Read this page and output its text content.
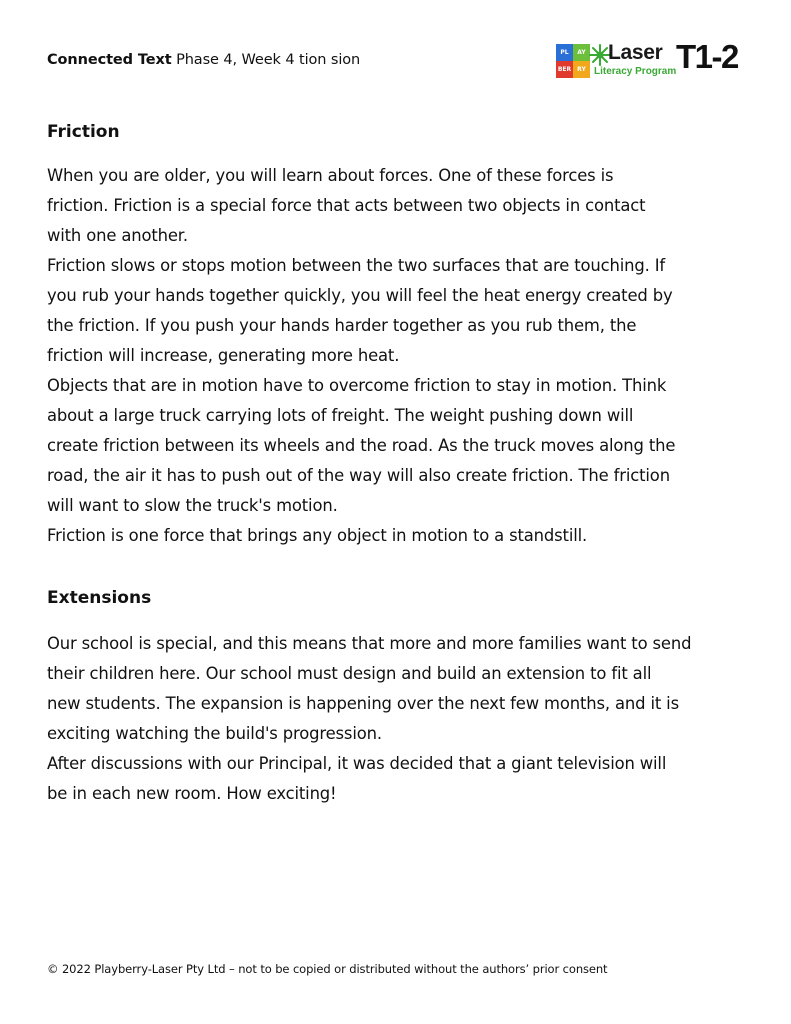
Connected Text Phase 4, Week 4 tion sion	PL	AY
BER	RY
Laser
Literacy Program T1-2
Friction
When you are older, you will learn about forces. One of these forces is
friction. Friction is a special force that acts between two objects in contact
with one another.
Friction slows or stops motion between the two surfaces that are touching. If
you rub your hands together quickly, you will feel the heat energy created by
the friction. If you push your hands harder together as you rub them, the
friction will increase, generating more heat.
Objects that are in motion have to overcome friction to stay in motion. Think
about a large truck carrying lots of freight. The weight pushing down will
create friction between its wheels and the road. As the truck moves along the
road, the air it has to push out of the way will also create friction. The friction
will want to slow the truck's motion.
Friction is one force that brings any object in motion to a standstill.
Extensions
Our school is special, and this means that more and more families want to send
their children here. Our school must design and build an extension to fit all
new students. The expansion is happening over the next few months, and it is
exciting watching the build's progression.
After discussions with our Principal, it was decided that a giant television will
be in each new room. How exciting!
© 2022 Playberry-Laser Pty Ltd – not to be copied or distributed without the authors’ prior consent
